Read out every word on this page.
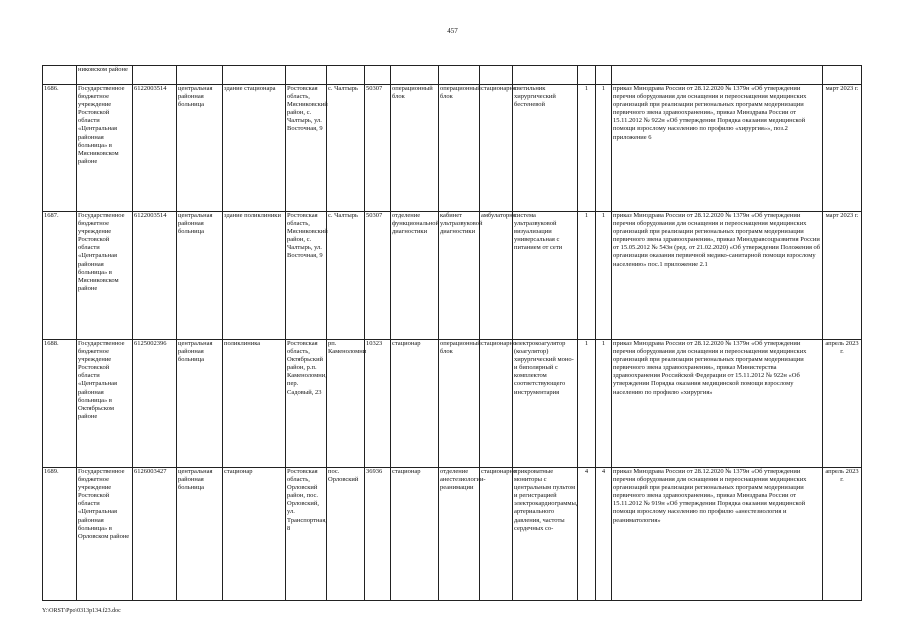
457
	никовском районе														
1686.	Государственное бюджетное учреждение Ростовской области «Центральная районная больница» в Мясниковском районе	6122003514	центральная районная больница	здание стационара	Ростовская область, Мясниковский район, с. Чалтырь, ул. Восточная, 9	с. Чалтырь	50307	операционный блок	операционный блок	стационарно	светильник хирургический бестеневой	1	1	приказ Минздрава России от 28.12.2020 № 1379н «Об утверждении перечня оборудования для оснащения и переоснащения медицинских организаций при реализации региональных программ модернизации первичного звена здравоохранения», приказ Минздрава России от 15.11.2012 № 922н «Об утверждении Порядка оказания медицинской помощи взрослому населению по профилю «хирургия»», поз.2 приложение 6	март 2023 г.
1687.	Государственное бюджетное учреждение Ростовской области «Центральная районная больница» в Мясниковском районе	6122003514	центральная районная больница	здание поликлиники	Ростовская область, Мясниковский район, с. Чалтырь, ул. Восточная, 9	с. Чалтырь	50307	отделение функциональной диагностики	кабинет ультразвуковой диагностики	амбулаторно	система ультразвуковой визуализации универсальная с питанием от сети	1	1	приказ Минздрава России от 28.12.2020 № 1379н «Об утверждении перечня оборудования для оснащения и переоснащения медицинских организаций при реализации региональных программ модернизации первичного звена здравоохранения», приказ Минздравсоцразвития России от 15.05.2012 № 543н (ред. от 21.02.2020) «Об утверждении Положения об организации оказания первичной медико-санитарной помощи взрослому населению» пос.1 приложение 2.1	март 2023 г.
1688.	Государственное бюджетное учреждение Ростовской области «Центральная районная больница» в Октябрьском районе	6125002396	центральная районная больница	поликлиника	Ростовская область, Октябрьский район, р.п. Каменоломни, пер. Садовый, 23	рп. Каменоломни	10323	стационар	операционный блок	стационарно	электрокоагулятор (коагулятор) хирургический моно- и биполярный с комплектом соответствующего инструментария	1	1	приказ Минздрава России от 28.12.2020 № 1379н «Об утверждении перечня оборудования для оснащения и переоснащения медицинских организаций при реализации региональных программ модернизации первичного звена здравоохранения», приказ Министерства здравоохранения Российской Федерации от 15.11.2012 № 922н «Об утверждении Порядка оказания медицинской помощи взрослому населению по профилю «хирургия»	апрель 2023 г.
1689.	Государственное бюджетное учреждение Ростовской области «Центральная районная больница» в Орловском районе	6126003427	центральная районная больница	стационар	Ростовская область, Орловский район, пос. Орловский, ул. Транспортная, 8	пос. Орловский	36936	стационар	отделение анестезиологии-реанимации	стационарно	прикроватные мониторы с центральным пультом и регистрацией электрокардиограммы, артериального давления, частоты сердечных со-	4	4	приказ Минздрава России от 28.12.2020 № 1379н «Об утверждении перечня оборудования для оснащения и переоснащения медицинских организаций при реализации региональных программ модернизации первичного звена здравоохранения», приказ Минздрава России от 15.11.2012 № 919н «Об утверждении Порядка оказания медицинской помощи взрослому населению по профилю «анестезиология и реаниматология»	апрель 2023 г.
Y:\ORST\Ppo\0313p134.f23.doc
